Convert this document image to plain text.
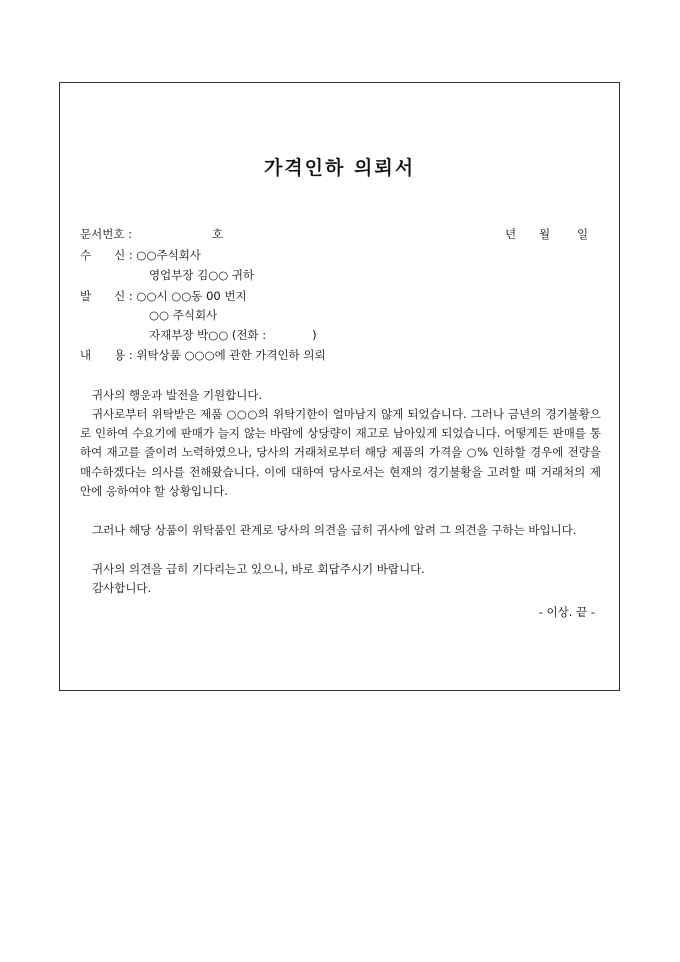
가격인하 의뢰서
문서번호 :	호	년 월 일
수　　신 : ○○주식회사
영업부장 김○○ 귀하
발　　신 : ○○시 ○○동 00 번지
○○ 주식회사
자재부장 박○○ (전화 :　　　　)
내　　용 : 위탁상품 ○○○에 관한 가격인하 의뢰

귀사의 행운과 발전을 기원합니다.

귀사로부터 위탁받은 제품 ○○○의 위탁기한이 얼마남지 않게 되었습니다. 그러나 금년의 경기불황으로 인하여 수요기에 판매가 늘지 않는 바람에 상당량이 재고로 남아있게 되었습니다. 어떻게든 판매를 통하여 재고를 줄이려 노력하였으나, 당사의 거래처로부터 해당 제품의 가격을 ○% 인하할 경우에 전량을 매수하겠다는 의사를 전해왔습니다. 이에 대하여 당사로서는 현재의 경기불황을 고려할 때 거래처의 제안에 응하여야 할 상황입니다.

그러나 해당 상품이 위탁품인 관계로 당사의 의견을 급히 귀사에 알려 그 의견을 구하는 바입니다.

귀사의 의견을 급히 기다리는고 있으니, 바로 회답주시기 바랍니다.

감사합니다.

- 이상. 끝 -
